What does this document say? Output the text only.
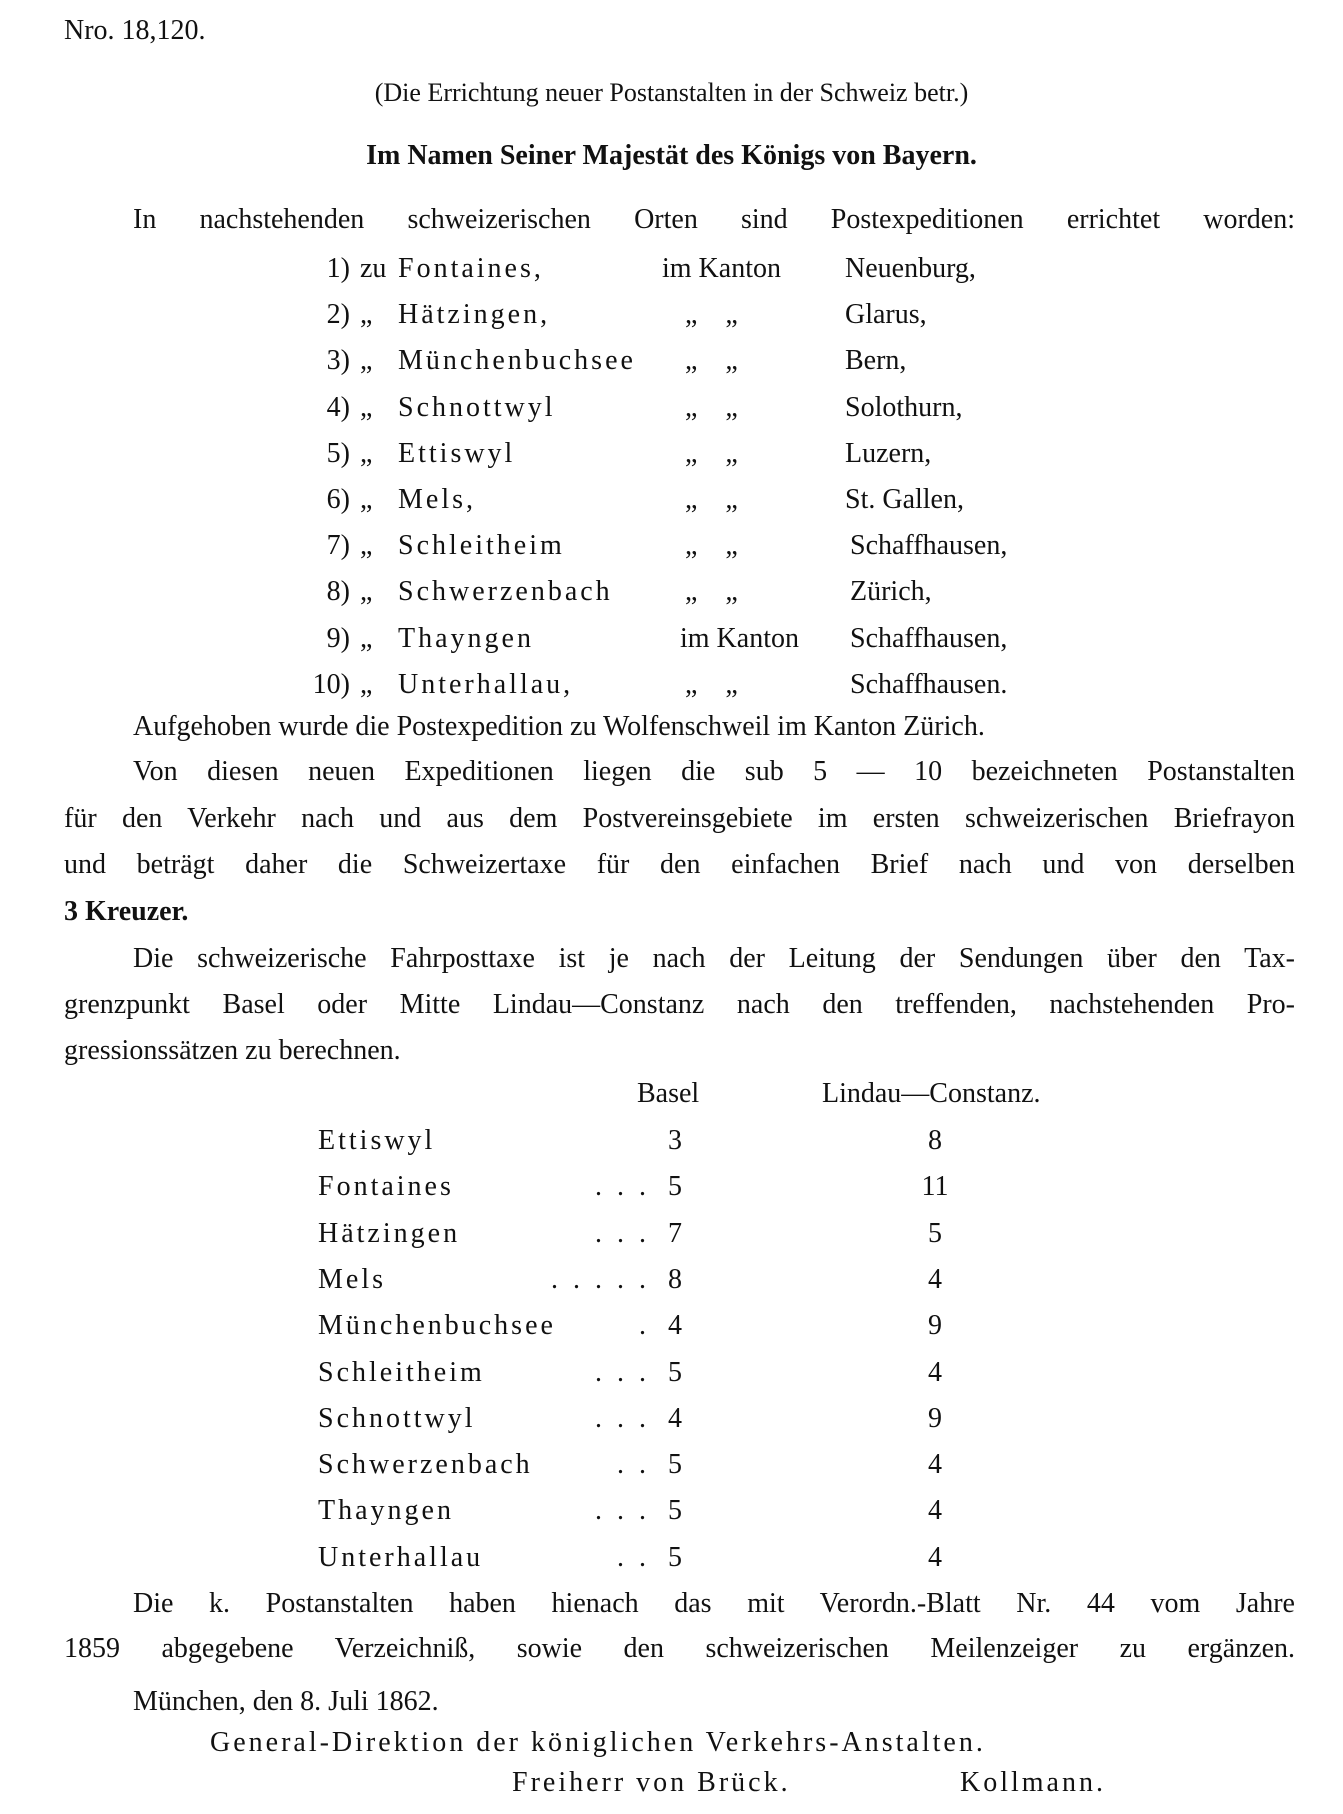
Nro. 18,120.
(Die Errichtung neuer Postanstalten in der Schweiz betr.)
Im Namen Seiner Majestät des Königs von Bayern.
In nachstehenden schweizerischen Orten sind Postexpeditionen errichtet worden:
1) zu Fontaines,	im Kanton Neuenburg,
2) „ Hätzingen,	„    „	Glarus,
3) „ Münchenbuchsee „    „	Bern,
4) „ Schnottwyl	„    „	Solothurn,
5) „ Ettiswyl	„    „	Luzern,
6) „ Mels,	„    „	St. Gallen,
7) „ Schleitheim	„    „	Schaffhausen,
8) „ Schwerzenbach	„    „	Zürich,
9) „ Thayngen	im Kanton Schaffhausen,
10) „ Unterhallau,	„    „	Schaffhausen.
Aufgehoben wurde die Postexpedition zu Wolfenschweil im Kanton Zürich.
Von diesen neuen Expeditionen liegen die sub 5 — 10 bezeichneten Postanstalten
für den Verkehr nach und aus dem Postvereinsgebiete im ersten schweizerischen Briefrayon
und beträgt daher die Schweizertaxe für den einfachen Brief nach und von derselben
3 Kreuzer.
Die schweizerische Fahrposttaxe ist je nach der Leitung der Sendungen über den Tax-
grenzpunkt Basel oder Mitte Lindau—Constanz nach den treffenden, nachstehenden Pro-
gressionssätzen zu berechnen.
Basel	Lindau—Constanz.
Ettiswyl	3	8
Fontaines	. . . 5	11
Hätzingen	. . . 7	5
Mels	. . . . . 8	4
Münchenbuchsee	. 4	9
Schleitheim	. . . 5	4
Schnottwyl	. . . 4	9
Schwerzenbach	. . 5	4
Thayngen	. . . 5	4
Unterhallau	. . 5	4
Die k. Postanstalten haben hienach das mit Verordn.-Blatt Nr. 44 vom Jahre
1859 abgegebene Verzeichniß, sowie den schweizerischen Meilenzeiger zu ergänzen.
München, den 8. Juli 1862.
General-Direktion der königlichen Verkehrs-Anstalten.
Freiherr von Brück.	Kollmann.
